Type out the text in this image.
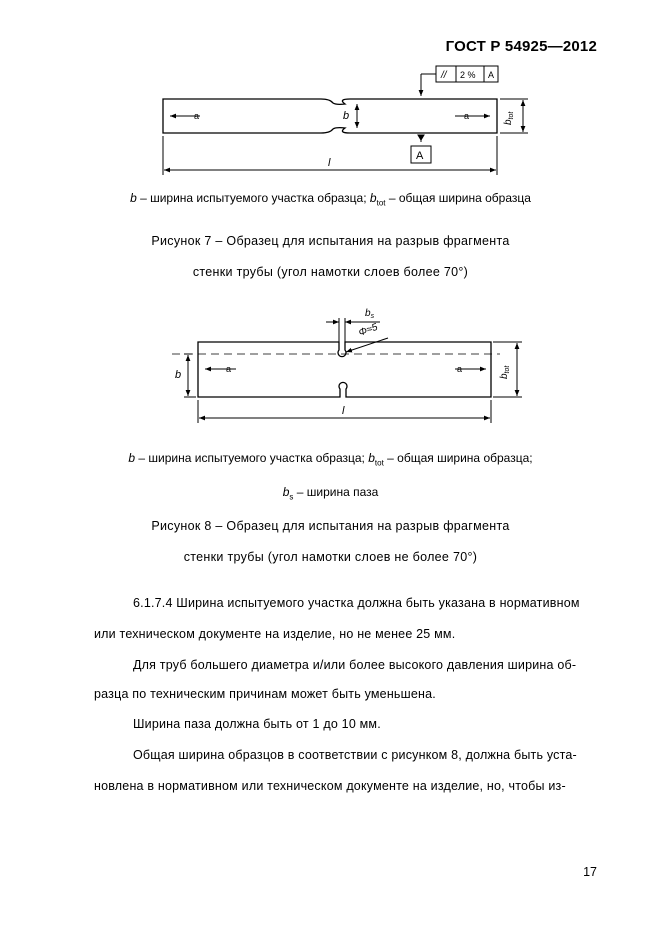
ГОСТ Р 54925—2012
// 2 % A
A
a	a
b
$b_{tot}$
l
b – ширина испытуемого участка образца; $b_{tot}$ – общая ширина образца
Рисунок 7 – Образец для испытания на разрыв фрагмента
стенки трубы (угол намотки слоев более 70°)
$b_s$
Φ≈5
b	a	a
$b_{tot}$
l
b – ширина испытуемого участка образца; $b_{tot}$ – общая ширина образца;
$b_s$ – ширина паза
Рисунок 8 – Образец для испытания на разрыв фрагмента
стенки трубы (угол намотки слоев не более 70°)
6.1.7.4 Ширина испытуемого участка должна быть указана в нормативном
или техническом документе на изделие, но не менее 25 мм.
Для труб большего диаметра и/или более высокого давления ширина об-
разца по техническим причинам может быть уменьшена.
Ширина паза должна быть от 1 до 10 мм.
Общая ширина образцов в соответствии с рисунком 8, должна быть уста-
новлена в нормативном или техническом документе на изделие, но, чтобы из-
17
